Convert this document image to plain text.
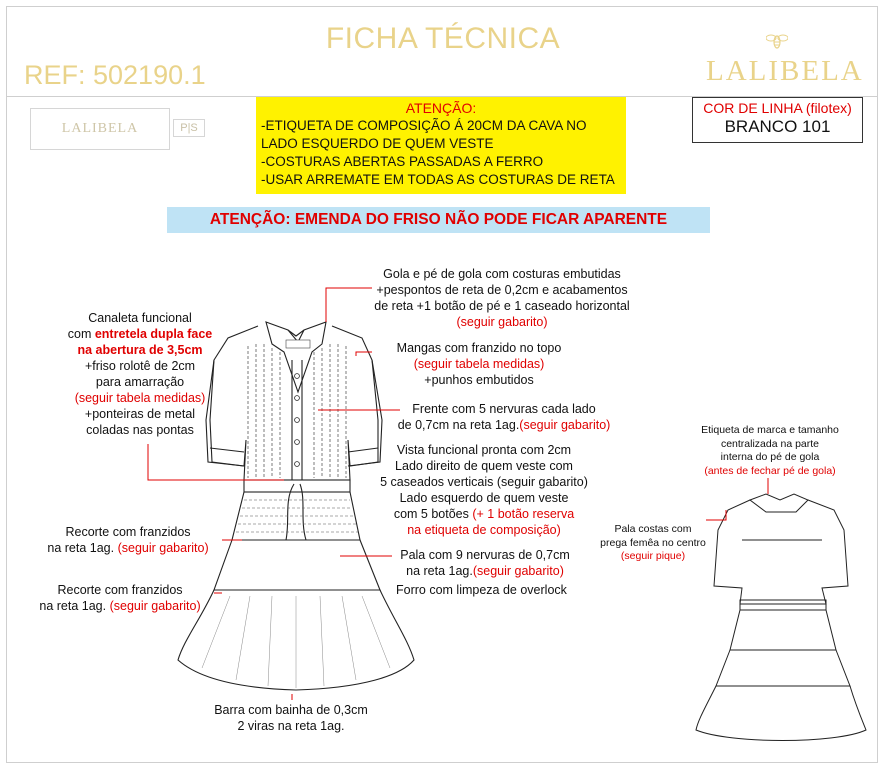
FICHA TÉCNICA
REF: 502190.1	LALIBELA
LALIBELA	P|S
ATENÇÃO:
-ETIQUETA DE COMPOSIÇÃO Á 20CM DA CAVA NO
LADO ESQUERDO DE QUEM VESTE
-COSTURAS ABERTAS PASSADAS A FERRO
-USAR ARREMATE EM TODAS AS COSTURAS DE RETA
COR DE LINHA (filotex)
BRANCO 101
ATENÇÃO: EMENDA DO FRISO NÃO PODE FICAR APARENTE
Canaleta funcional
com entretela dupla face
na abertura de 3,5cm
+friso rolotê de 2cm
para amarração
(seguir tabela medidas)
+ponteiras de metal
coladas nas pontas
Gola e pé de gola com costuras embutidas
+pespontos de reta de 0,2cm e acabamentos
de reta +1 botão de pé e 1 caseado horizontal
(seguir gabarito)
Mangas com franzido no topo
(seguir tabela medidas)
+punhos embutidos
Frente com 5 nervuras cada lado
de 0,7cm na reta 1ag.(seguir gabarito)
Vista funcional pronta com 2cm
Lado direito de quem veste com
5 caseados verticais (seguir gabarito)
Lado esquerdo de quem veste
com 5 botões (+ 1 botão reserva
na etiqueta de composição)
Recorte com franzidos
na reta 1ag. (seguir gabarito)	Pala com 9 nervuras de 0,7cm
na reta 1ag.(seguir gabarito)
Recorte com franzidos
na reta 1ag. (seguir gabarito)
Forro com limpeza de overlock
Barra com bainha de 0,3cm
2 viras na reta 1ag.
Etiqueta de marca e tamanho
centralizada na parte
interna do pé de gola
(antes de fechar pé de gola)
Pala costas com
prega femêa no centro
(seguir pique)
